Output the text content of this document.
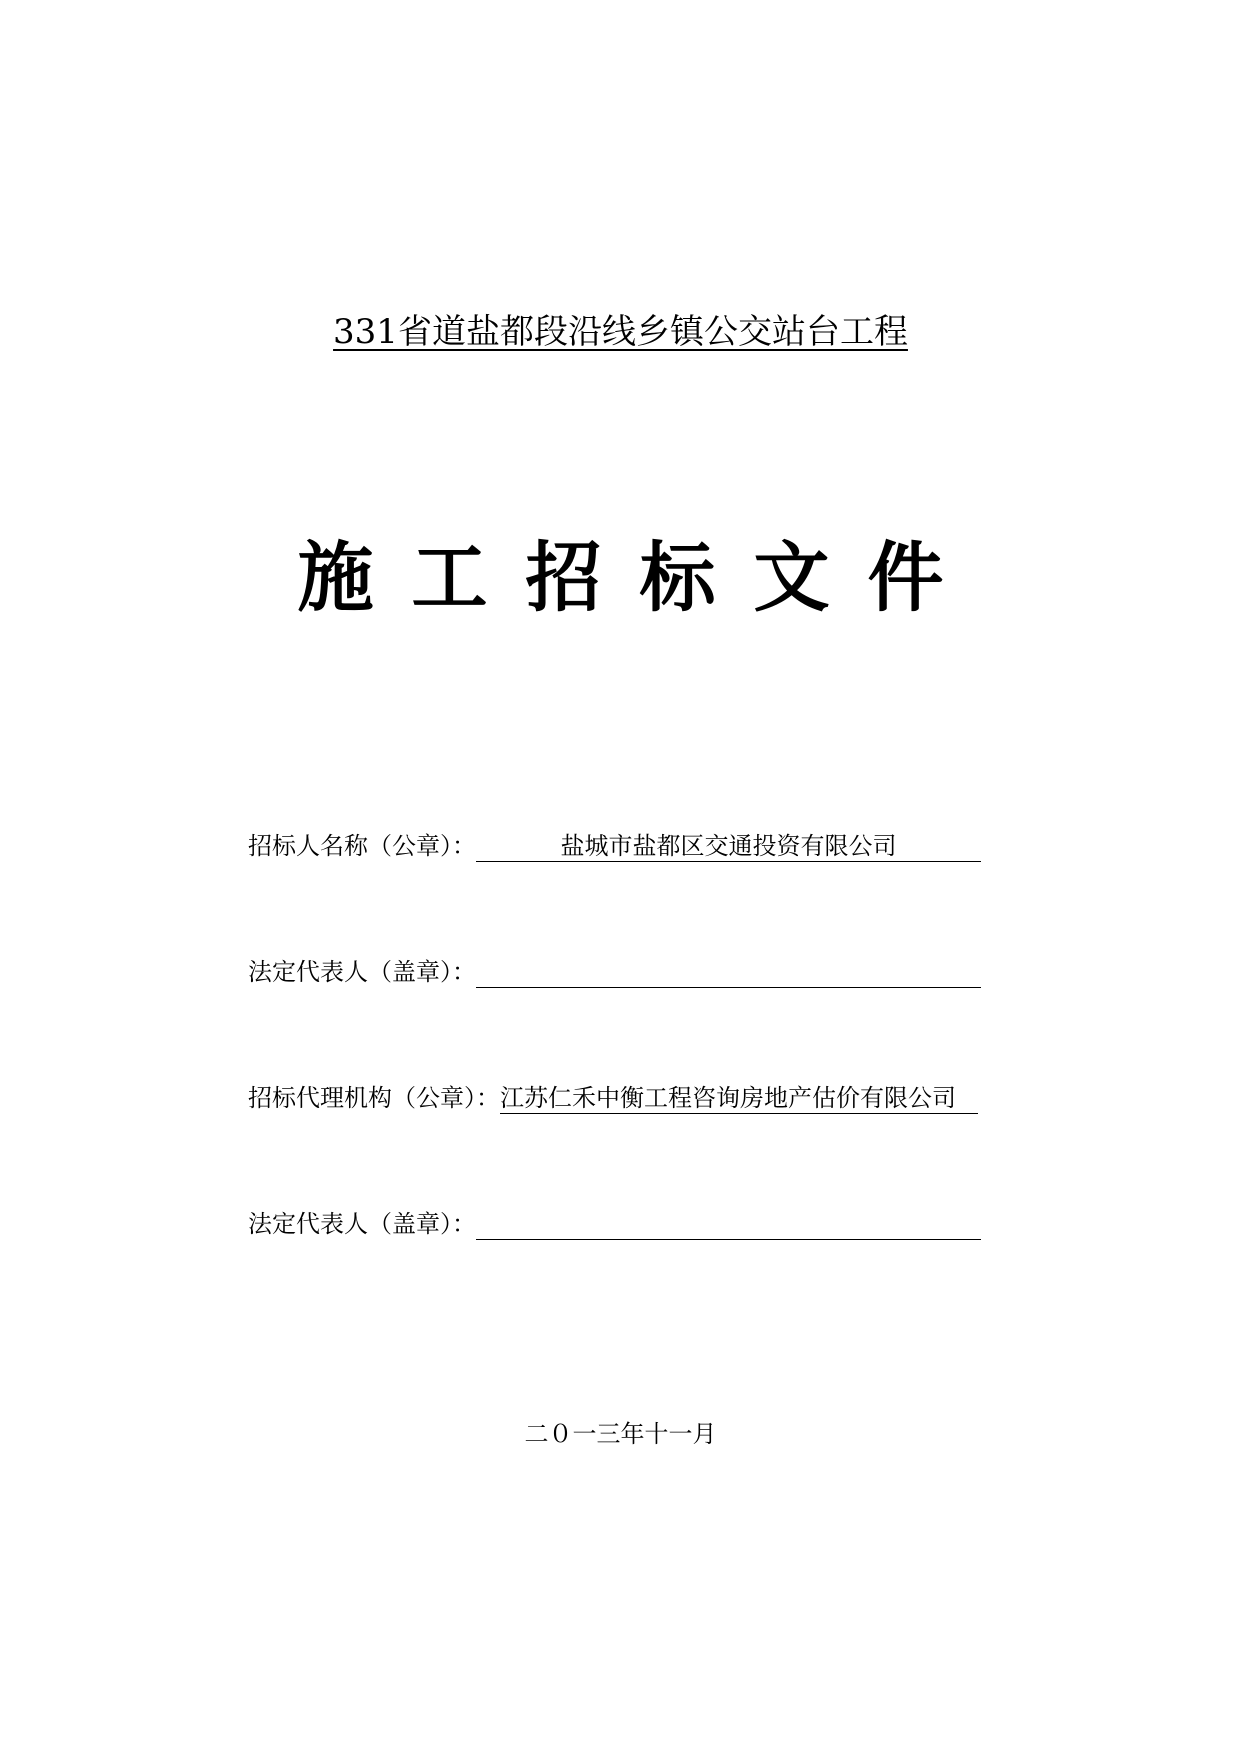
331省道盐都段沿线乡镇公交站台工程
施工招标文件
招标人名称（公章）：	盐城市盐都区交通投资有限公司
法定代表人（盖章）：
招标代理机构（公章）： 江苏仁禾中衡工程咨询房地产估价有限公司
法定代表人（盖章）：
二０一三年十一月
